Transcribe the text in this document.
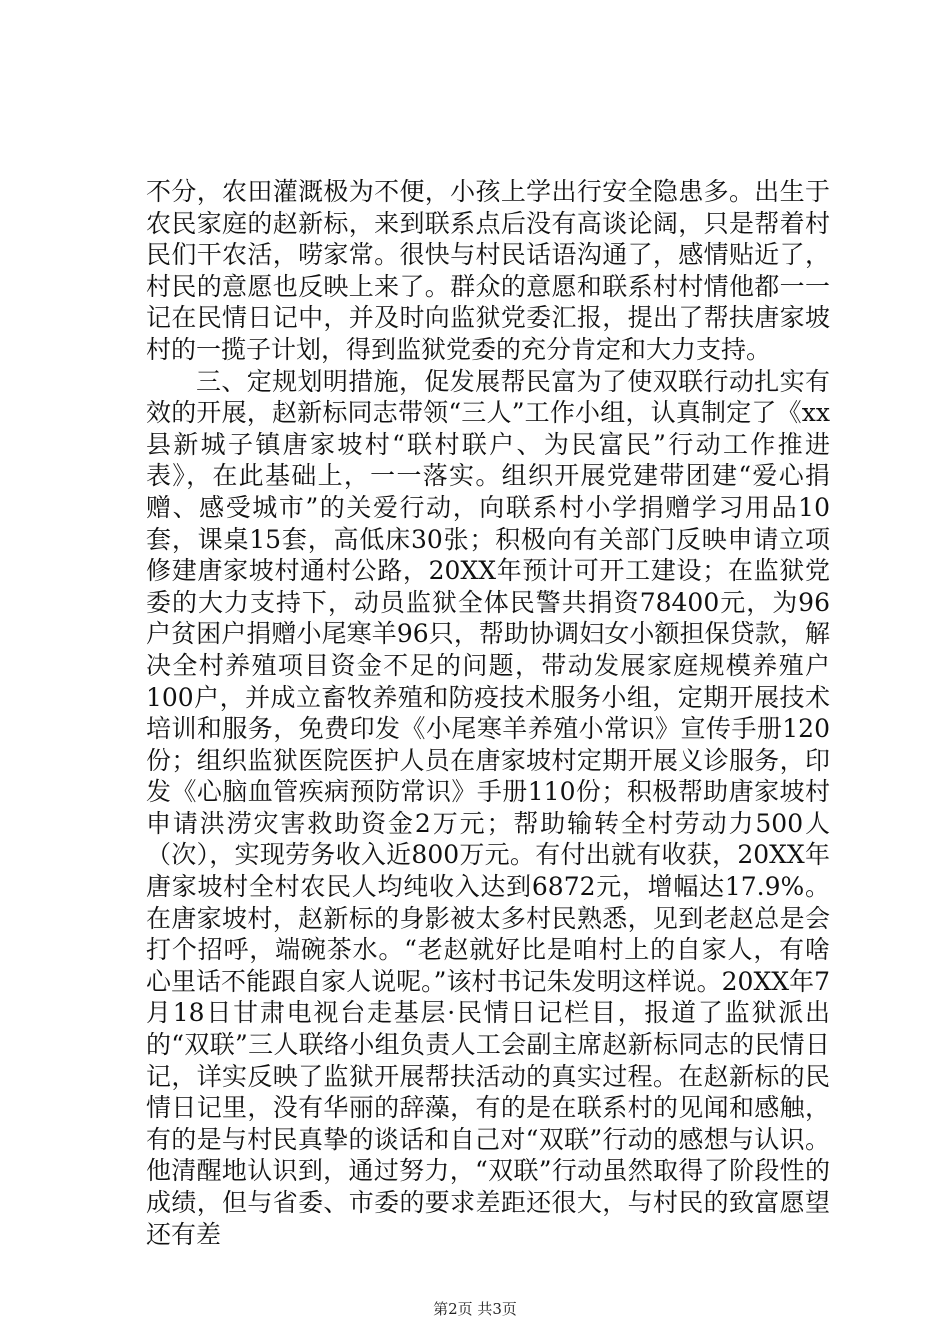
不分，农田灌溉极为不便，小孩上学出行安全隐患多。出生于农民家庭的赵新标，来到联系点后没有高谈论阔，只是帮着村民们干农活，唠家常。很快与村民话语沟通了，感情贴近了，村民的意愿也反映上来了。群众的意愿和联系村村情他都一一记在民情日记中，并及时向监狱党委汇报，提出了帮扶唐家坡村的一揽子计划，得到监狱党委的充分肯定和大力支持。

三、定规划明措施，促发展帮民富为了使双联行动扎实有效的开展，赵新标同志带领“三人”工作小组，认真制定了《xx县新城子镇唐家坡村“联村联户、为民富民”行动工作推进表》，在此基础上，一一落实。组织开展党建带团建“爱心捐赠、感受城市”的关爱行动，向联系村小学捐赠学习用品10套，课桌15套，高低床30张；积极向有关部门反映申请立项修建唐家坡村通村公路，20XX年预计可开工建设；在监狱党委的大力支持下，动员监狱全体民警共捐资78400元，为96户贫困户捐赠小尾寒羊96只，帮助协调妇女小额担保贷款，解决全村养殖项目资金不足的问题，带动发展家庭规模养殖户100户，并成立畜牧养殖和防疫技术服务小组，定期开展技术培训和服务，免费印发《小尾寒羊养殖小常识》宣传手册120份；组织监狱医院医护人员在唐家坡村定期开展义诊服务，印发《心脑血管疾病预防常识》手册110份；积极帮助唐家坡村申请洪涝灾害救助资金2万元；帮助输转全村劳动力500人（次），实现劳务收入近800万元。有付出就有收获，20XX年唐家坡村全村农民人均纯收入达到6872元，增幅达17.9%。在唐家坡村，赵新标的身影被太多村民熟悉，见到老赵总是会打个招呼，端碗茶水。“老赵就好比是咱村上的自家人，有啥心里话不能跟自家人说呢。”该村书记朱发明这样说。20XX年7月18日甘肃电视台走基层·民情日记栏目，报道了监狱派出的“双联”三人联络小组负责人工会副主席赵新标同志的民情日记，详实反映了监狱开展帮扶活动的真实过程。在赵新标的民情日记里，没有华丽的辞藻，有的是在联系村的见闻和感触，有的是与村民真挚的谈话和自己对“双联”行动的感想与认识。他清醒地认识到，通过努力，“双联”行动虽然取得了阶段性的成绩，但与省委、市委的要求差距还很大，与村民的致富愿望还有差

第2页 共3页
